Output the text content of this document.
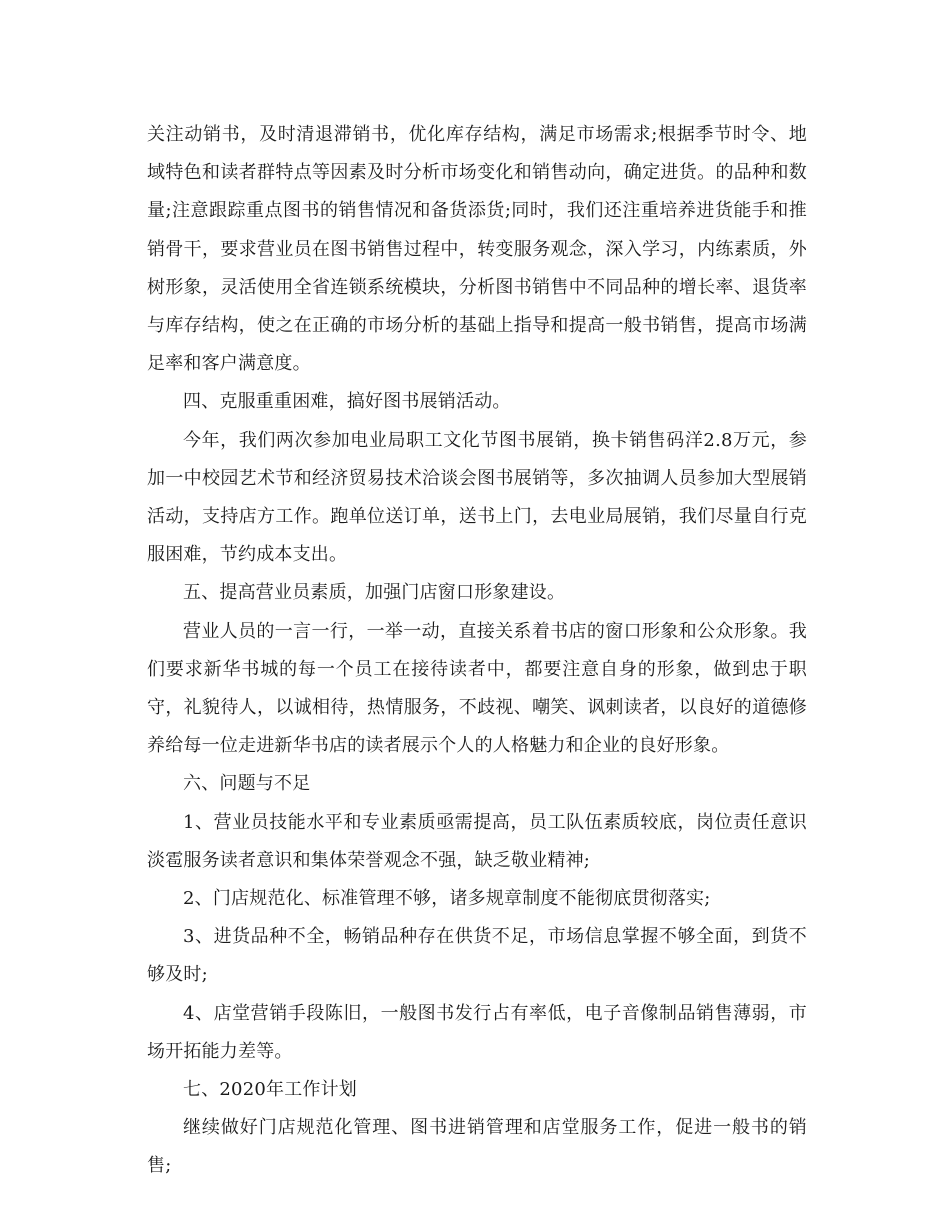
关注动销书，及时清退滞销书，优化库存结构，满足市场需求;根据季节时令、地域特色和读者群特点等因素及时分析市场变化和销售动向，确定进货。的品种和数量;注意跟踪重点图书的销售情况和备货添货;同时，我们还注重培养进货能手和推销骨干，要求营业员在图书销售过程中，转变服务观念，深入学习，内练素质，外树形象，灵活使用全省连锁系统模块，分析图书销售中不同品种的增长率、退货率与库存结构，使之在正确的市场分析的基础上指导和提高一般书销售，提高市场满足率和客户满意度。

四、克服重重困难，搞好图书展销活动。

今年，我们两次参加电业局职工文化节图书展销，换卡销售码洋2.8万元，参加一中校园艺术节和经济贸易技术洽谈会图书展销等，多次抽调人员参加大型展销活动，支持店方工作。跑单位送订单，送书上门，去电业局展销，我们尽量自行克服困难，节约成本支出。

五、提高营业员素质，加强门店窗口形象建设。

营业人员的一言一行，一举一动，直接关系着书店的窗口形象和公众形象。我们要求新华书城的每一个员工在接待读者中，都要注意自身的形象，做到忠于职守，礼貌待人，以诚相待，热情服务，不歧视、嘲笑、讽刺读者，以良好的道德修养给每一位走进新华书店的读者展示个人的人格魅力和企业的良好形象。

六、问题与不足

1、营业员技能水平和专业素质亟需提高，员工队伍素质较底，岗位责任意识淡雹服务读者意识和集体荣誉观念不强，缺乏敬业精神;

2、门店规范化、标准管理不够，诸多规章制度不能彻底贯彻落实;

3、进货品种不全，畅销品种存在供货不足，市场信息掌握不够全面，到货不够及时;

4、店堂营销手段陈旧，一般图书发行占有率低，电子音像制品销售薄弱，市场开拓能力差等。

七、2020年工作计划

继续做好门店规范化管理、图书进销管理和店堂服务工作，促进一般书的销售;
